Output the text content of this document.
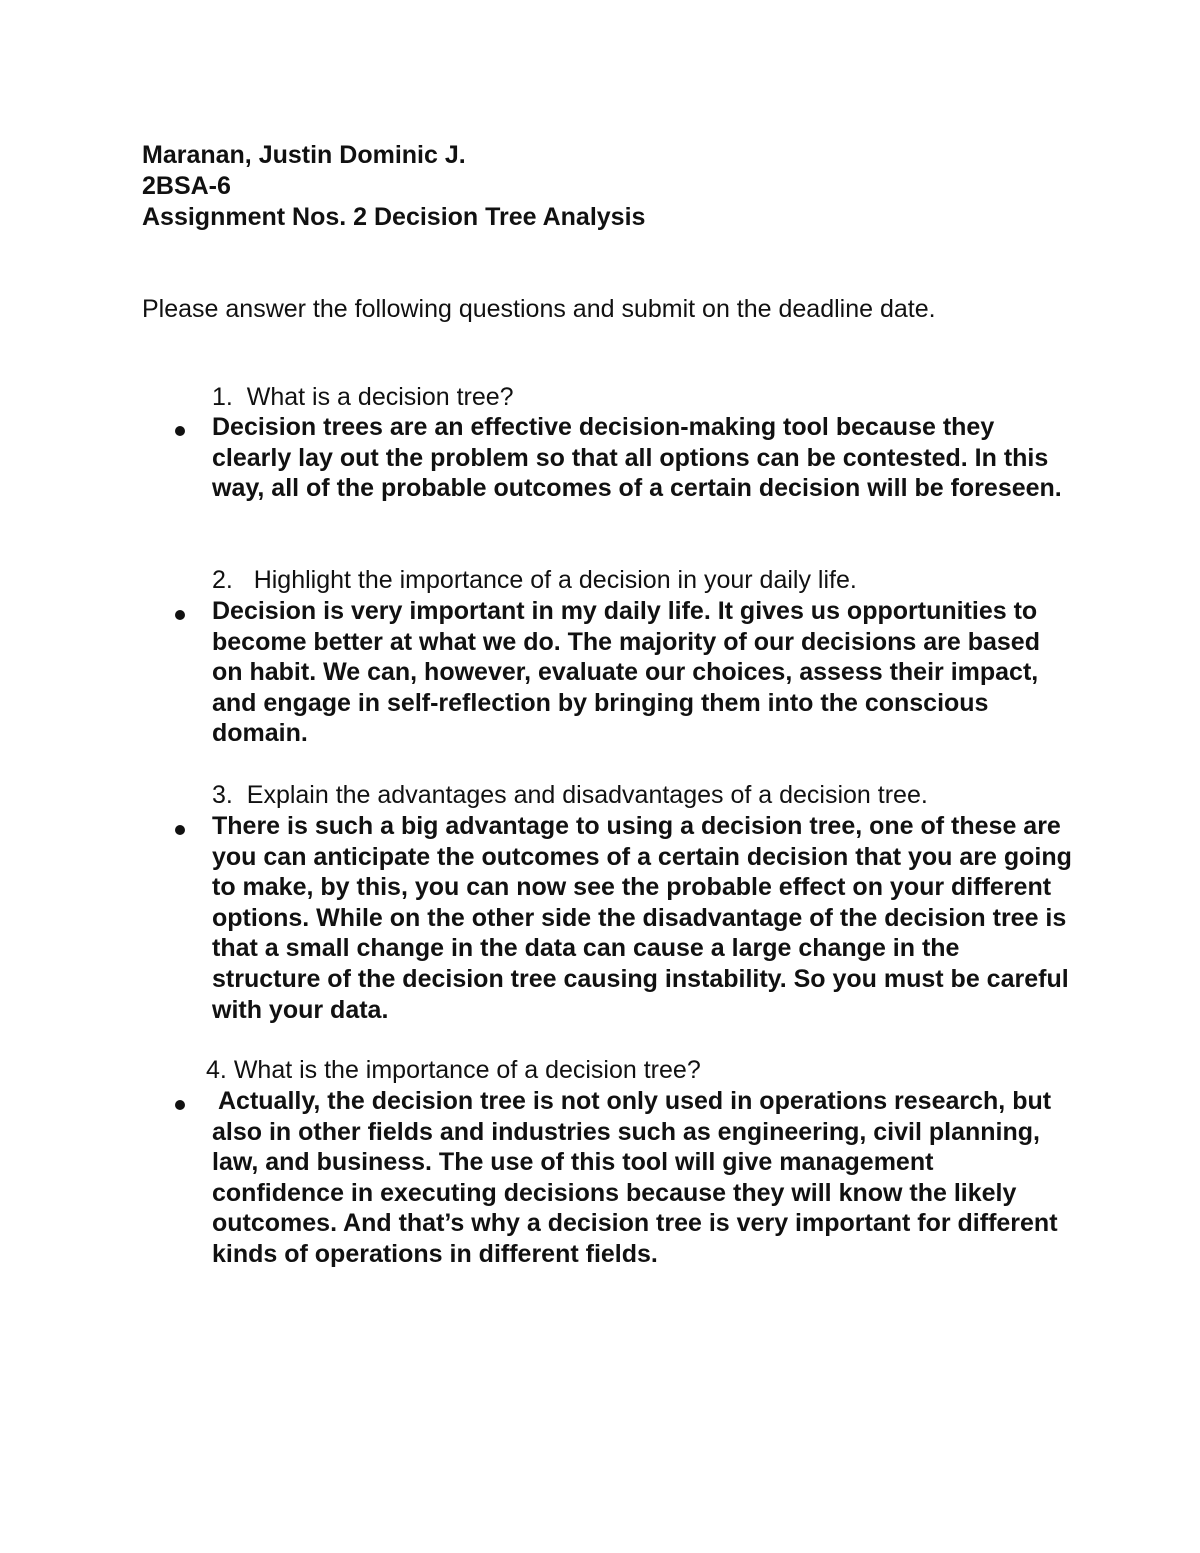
Maranan, Justin Dominic J.
2BSA-6
Assignment Nos. 2 Decision Tree Analysis
Please answer the following questions and submit on the deadline date.
1. What is a decision tree?
Decision trees are an effective decision-making tool because they clearly lay out the problem so that all options can be contested. In this way, all of the probable outcomes of a certain decision will be foreseen.
2. Highlight the importance of a decision in your daily life.
Decision is very important in my daily life. It gives us opportunities to become better at what we do. The majority of our decisions are based on habit. We can, however, evaluate our choices, assess their impact, and engage in self-reflection by bringing them into the conscious domain.
3. Explain the advantages and disadvantages of a decision tree.
There is such a big advantage to using a decision tree, one of these are you can anticipate the outcomes of a certain decision that you are going to make, by this, you can now see the probable effect on your different options. While on the other side the disadvantage of the decision tree is that a small change in the data can cause a large change in the structure of the decision tree causing instability. So you must be careful with your data.
4. What is the importance of a decision tree?
Actually, the decision tree is not only used in operations research, but also in other fields and industries such as engineering, civil planning, law, and business. The use of this tool will give management confidence in executing decisions because they will know the likely outcomes. And that’s why a decision tree is very important for different kinds of operations in different fields.
